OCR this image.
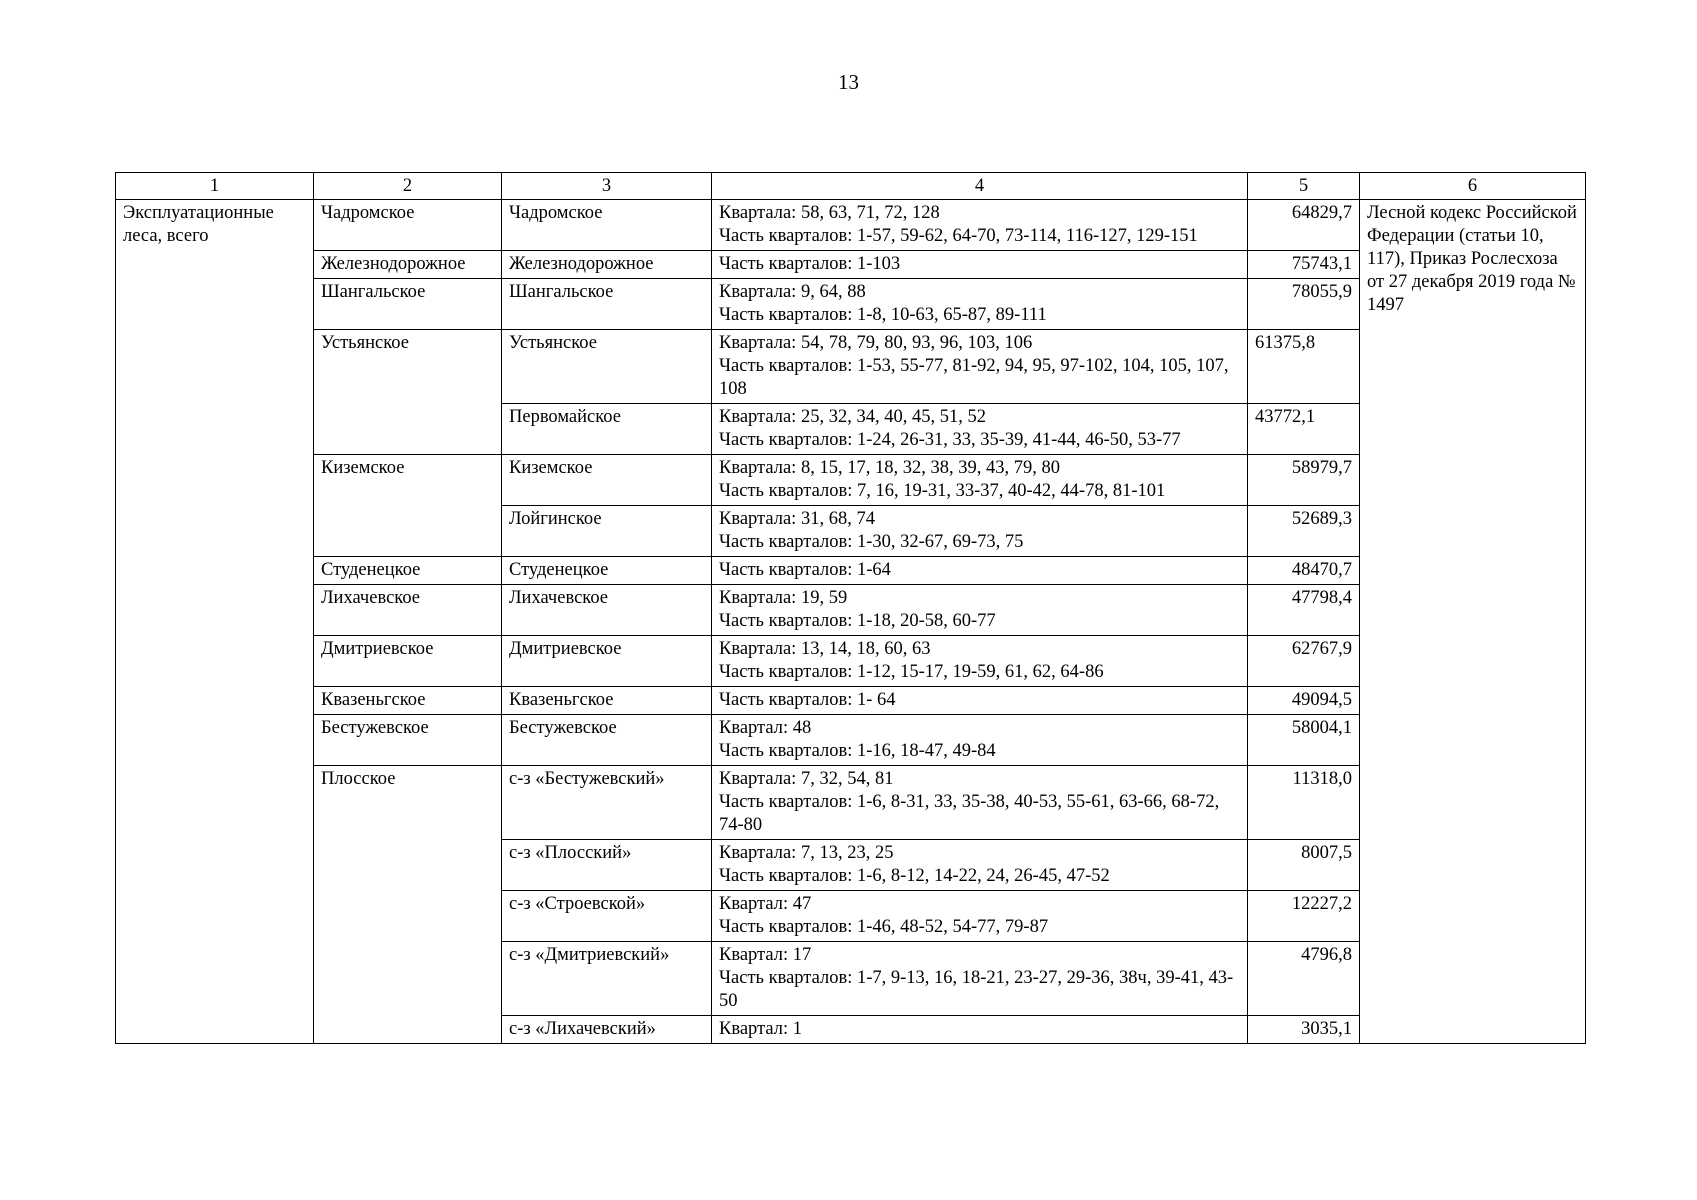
13
1	2	3	4	5	6
Эксплуатационные леса, всего	Чадромское	Чадромское	Квартала: 58, 63, 71, 72, 128
Часть кварталов: 1-57, 59-62, 64-70, 73-114, 116-127, 129-151	64829,7	Лесной кодекс Российской Федерации (статьи 10, 117), Приказ Рослесхоза от 27 декабря 2019 года № 1497
	Железнодорожное	Железнодорожное	Часть кварталов: 1-103	75743,1	
	Шангальское	Шангальское	Квартала: 9, 64, 88
Часть кварталов: 1-8, 10-63, 65-87, 89-111	78055,9	
	Устьянское	Устьянское	Квартала: 54, 78, 79, 80, 93, 96, 103, 106
Часть кварталов: 1-53, 55-77, 81-92, 94, 95, 97-102, 104, 105, 107, 108	61375,8	
		Первомайское	Квартала: 25, 32, 34, 40, 45, 51, 52
Часть кварталов: 1-24, 26-31, 33, 35-39, 41-44, 46-50, 53-77	43772,1	
	Киземское	Киземское	Квартала: 8, 15, 17, 18, 32, 38, 39, 43, 79, 80
Часть кварталов: 7, 16, 19-31, 33-37, 40-42, 44-78, 81-101	58979,7	
		Лойгинское	Квартала: 31, 68, 74
Часть кварталов: 1-30, 32-67, 69-73, 75	52689,3	
	Студенецкое	Студенецкое	Часть кварталов: 1-64	48470,7	
	Лихачевское	Лихачевское	Квартала: 19, 59
Часть кварталов: 1-18, 20-58, 60-77	47798,4	
	Дмитриевское	Дмитриевское	Квартала: 13, 14, 18, 60, 63
Часть кварталов: 1-12, 15-17, 19-59, 61, 62, 64-86	62767,9	
	Квазеньгское	Квазеньгское	Часть кварталов: 1- 64	49094,5	
	Бестужевское	Бестужевское	Квартал: 48
Часть кварталов: 1-16, 18-47, 49-84	58004,1	
	Плосское	с-з «Бестужевский»	Квартала: 7, 32, 54, 81
Часть кварталов: 1-6, 8-31, 33, 35-38, 40-53, 55-61, 63-66, 68-72, 74-80	11318,0	
		с-з «Плосский»	Квартала: 7, 13, 23, 25
Часть кварталов: 1-6, 8-12, 14-22, 24, 26-45, 47-52	8007,5	
		с-з «Строевской»	Квартал: 47
Часть кварталов: 1-46, 48-52, 54-77, 79-87	12227,2	
		с-з «Дмитриевский»	Квартал: 17
Часть кварталов: 1-7, 9-13, 16, 18-21, 23-27, 29-36, 38ч, 39-41, 43-50	4796,8	
		с-з «Лихачевский»	Квартал: 1	3035,1	
